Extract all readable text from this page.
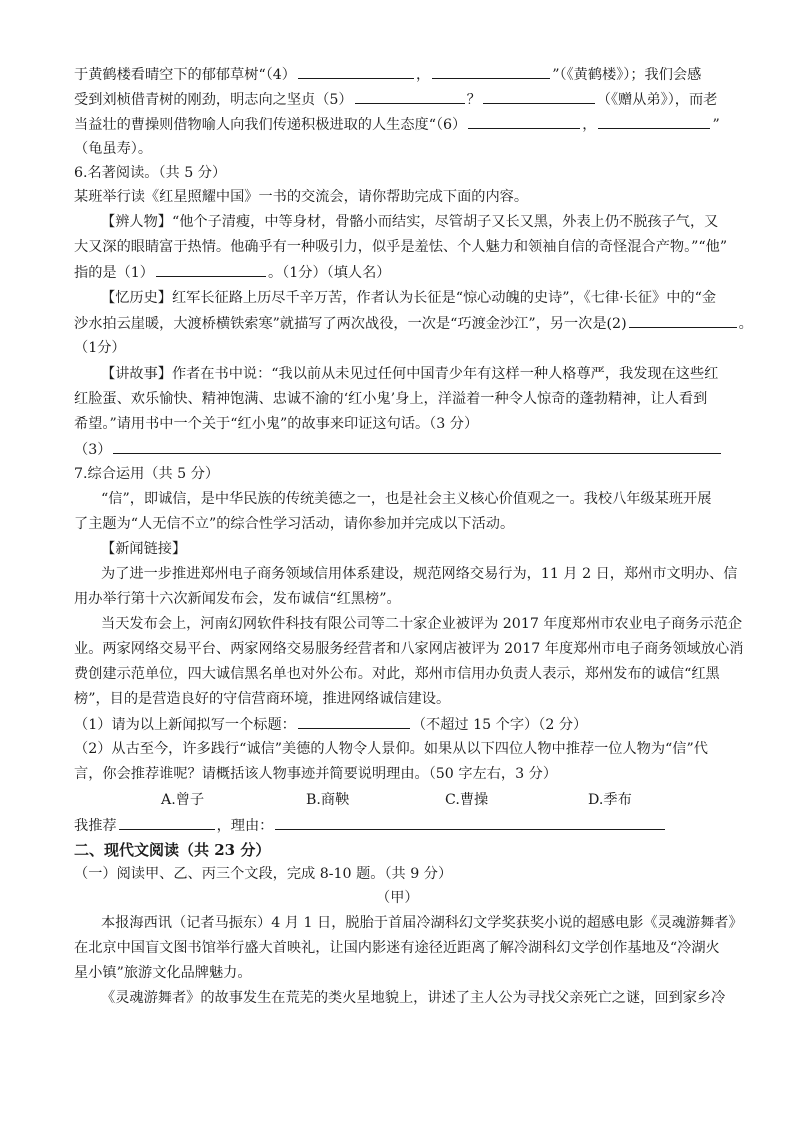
于黄鹤楼看晴空下的郁郁草树“（4）	，	”（《黄鹤楼》）；我们会感
受到刘桢借青树的刚劲，明志向之坚贞（5）	？	（《赠从弟》），而老
当益壮的曹操则借物喻人向我们传递积极进取的人生态度“（6）	，	”
（龟虽寿）。
6.名著阅读。（共 5 分）
某班举行读《红星照耀中国》一书的交流会，请你帮助完成下面的内容。
【辨人物】“他个子清瘦，中等身材，骨骼小而结实，尽管胡子又长又黑，外表上仍不脱孩子气，又
大又深的眼睛富于热情。他确乎有一种吸引力，似乎是羞怯、个人魅力和领袖自信的奇怪混合产物。”“他”
指的是（1）	。（1分）（填人名）
【忆历史】红军长征路上历尽千辛万苦，作者认为长征是“惊心动魄的史诗”，《七律·长征》中的“金
沙水拍云崖暖，大渡桥横铁索寒”就描写了两次战役，一次是“巧渡金沙江”，另一次是(2)	。
（1分）
【讲故事】作者在书中说：“我以前从未见过任何中国青少年有这样一种人格尊严，我发现在这些红
红脸蛋、欢乐愉快、精神饱满、忠诚不渝的‘红小鬼’身上，洋溢着一种令人惊奇的蓬勃精神，让人看到
希望。”请用书中一个关于“红小鬼”的故事来印证这句话。（3 分）
（3）
7.综合运用（共 5 分）
“信”，即诚信，是中华民族的传统美德之一，也是社会主义核心价值观之一。我校八年级某班开展
了主题为“人无信不立”的综合性学习活动，请你参加并完成以下活动。
【新闻链接】
为了进一步推进郑州电子商务领域信用体系建设，规范网络交易行为，11 月 2 日，郑州市文明办、信
用办举行第十六次新闻发布会，发布诚信“红黑榜”。
当天发布会上，河南幻网软件科技有限公司等二十家企业被评为 2017 年度郑州市农业电子商务示范企
业。两家网络交易平台、两家网络交易服务经营者和八家网店被评为 2017 年度郑州市电子商务领域放心消
费创建示范单位，四大诚信黑名单也对外公布。对此，郑州市信用办负责人表示，郑州发布的诚信“红黑
榜”，目的是营造良好的守信营商环境，推进网络诚信建设。
（1）请为以上新闻拟写一个标题：	（不超过 15 个字）（2 分）
（2）从古至今，许多践行“诚信”美德的人物令人景仰。如果从以下四位人物中推荐一位人物为“信”代
言，你会推荐谁呢？请概括该人物事迹并简要说明理由。（50 字左右，3 分）
A.曾子	B.商鞅	C.曹操	D.季布
我推荐	，理由：
二、现代文阅读（共 23 分）
（一）阅读甲、乙、丙三个文段，完成 8-10 题。（共 9 分）
（甲）
本报海西讯（记者马振东）4 月 1 日，脱胎于首届冷湖科幻文学奖获奖小说的超感电影《灵魂游舞者》
在北京中国盲文图书馆举行盛大首映礼，让国内影迷有途径近距离了解冷湖科幻文学创作基地及“冷湖火
星小镇”旅游文化品牌魅力。
《灵魂游舞者》的故事发生在荒芜的类火星地貌上，讲述了主人公为寻找父亲死亡之谜，回到家乡冷
